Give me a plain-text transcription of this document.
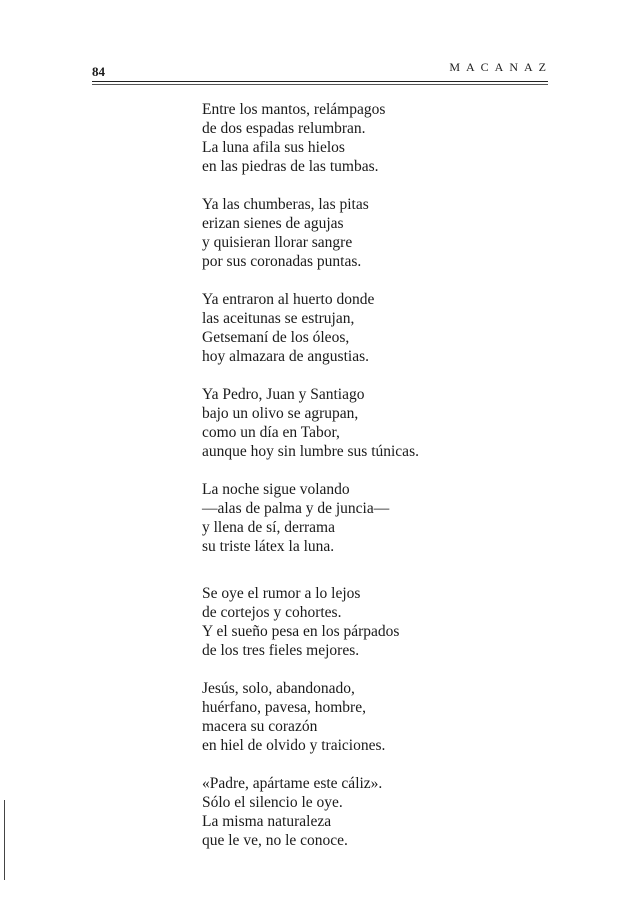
84	MACANAZ
Entre los mantos, relámpagos
de dos espadas relumbran.
La luna afila sus hielos
en las piedras de las tumbas.
Ya las chumberas, las pitas
erizan sienes de agujas
y quisieran llorar sangre
por sus coronadas puntas.
Ya entraron al huerto donde
las aceitunas se estrujan,
Getsemaní de los óleos,
hoy almazara de angustias.
Ya Pedro, Juan y Santiago
bajo un olivo se agrupan,
como un día en Tabor,
aunque hoy sin lumbre sus túnicas.
La noche sigue volando
—alas de palma y de juncia—
y llena de sí, derrama
su triste látex la luna.
Se oye el rumor a lo lejos
de cortejos y cohortes.
Y el sueño pesa en los párpados
de los tres fieles mejores.
Jesús, solo, abandonado,
huérfano, pavesa, hombre,
macera su corazón
en hiel de olvido y traiciones.
«Padre, apártame este cáliz».
Sólo el silencio le oye.
La misma naturaleza
que le ve, no le conoce.
